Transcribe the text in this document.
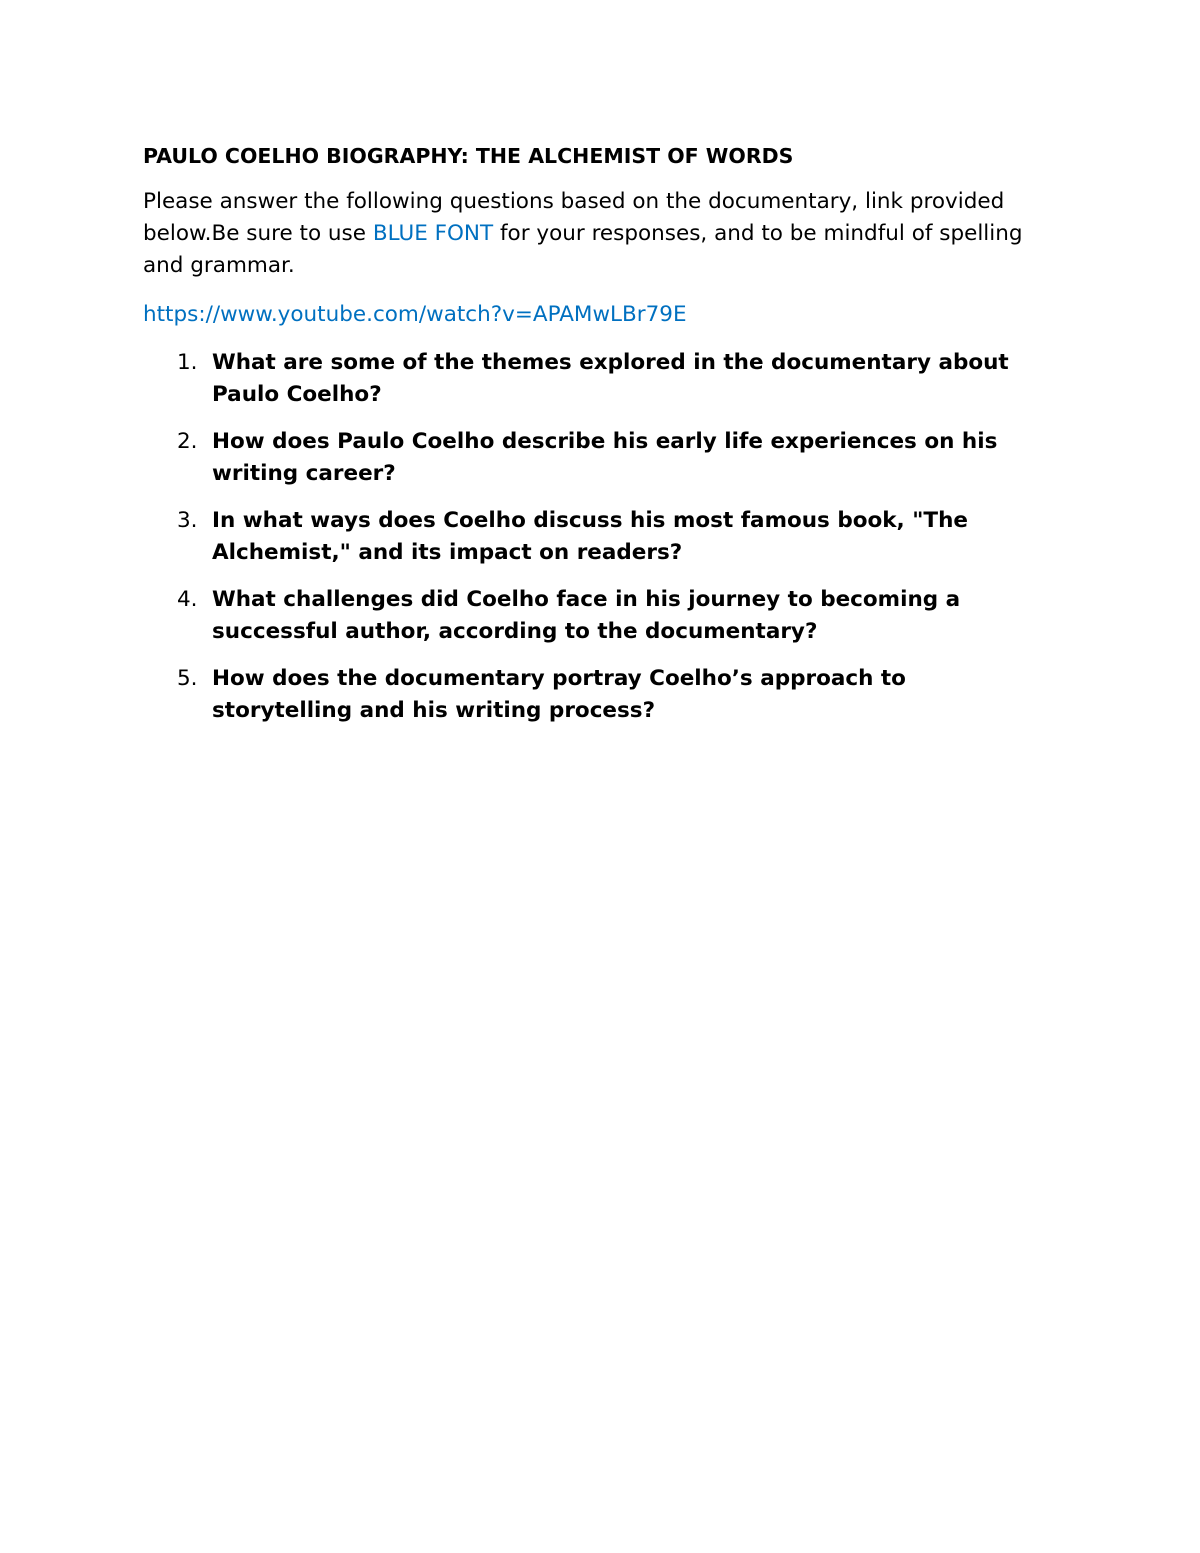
PAULO COELHO BIOGRAPHY: THE ALCHEMIST OF WORDS

Please answer the following questions based on the documentary, link provided below.Be sure to use BLUE FONT for your responses, and to be mindful of spelling and grammar.

https://www.youtube.com/watch?v=APAMwLBr79E
1. What are some of the themes explored in the documentary about Paulo Coelho?
2. How does Paulo Coelho describe his early life experiences on his writing career?
3. In what ways does Coelho discuss his most famous book, "The Alchemist," and its impact on readers?
4. What challenges did Coelho face in his journey to becoming a successful author, according to the documentary?
5. How does the documentary portray Coelho’s approach to storytelling and his writing process?
